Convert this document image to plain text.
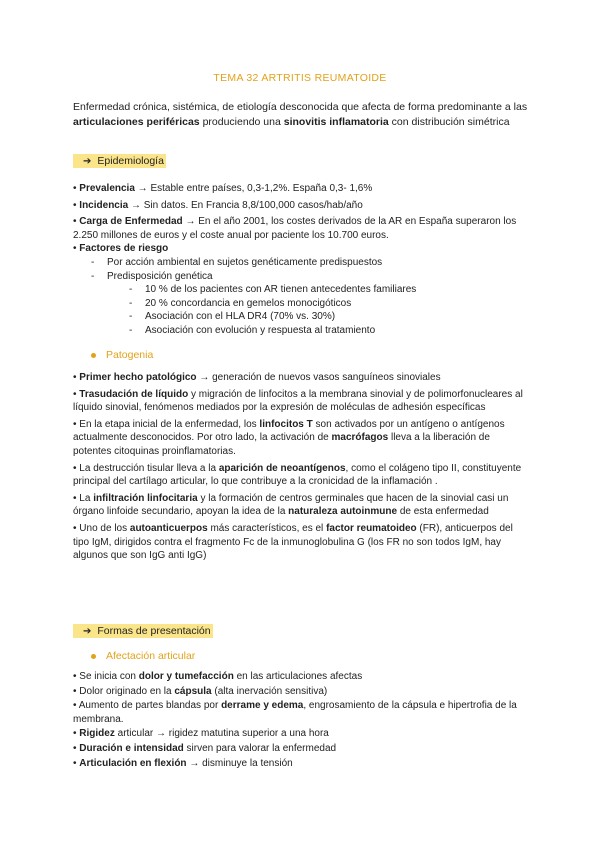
TEMA 32 ARTRITIS REUMATOIDE
Enfermedad crónica, sistémica, de etiología desconocida que afecta de forma predominante a las articulaciones periféricas produciendo una sinovitis inflamatoria con distribución simétrica
➔ Epidemiología
• Prevalencia → Estable entre países, 0,3-1,2%. España 0,3- 1,6%
• Incidencia → Sin datos. En Francia 8,8/100,000 casos/hab/año
• Carga de Enfermedad → En el año 2001, los costes derivados de la AR en España superaron los 2.250 millones de euros y el coste anual por paciente los 10.700 euros.
• Factores de riesgo
- Por acción ambiental en sujetos genéticamente predispuestos
- Predisposición genética
- 10 % de los pacientes con AR tienen antecedentes familiares
- 20 % concordancia en gemelos monocigóticos
- Asociación con el HLA DR4 (70% vs. 30%)
- Asociación con evolución y respuesta al tratamiento
Patogenia
• Primer hecho patológico → generación de nuevos vasos sanguíneos sinoviales
• Trasudación de líquido y migración de linfocitos a la membrana sinovial y de polimorfonucleares al líquido sinovial, fenómenos mediados por la expresión de moléculas de adhesión específicas
• En la etapa inicial de la enfermedad, los linfocitos T son activados por un antígeno o antígenos actualmente desconocidos. Por otro lado, la activación de macrófagos lleva a la liberación de potentes citoquinas proinflamatorias.
• La destrucción tisular lleva a la aparición de neoantígenos, como el colágeno tipo II, constituyente principal del cartílago articular, lo que contribuye a la cronicidad de la inflamación .
• La infiltración linfocitaria y la formación de centros germinales que hacen de la sinovial casi un órgano linfoide secundario, apoyan la idea de la naturaleza autoinmune de esta enfermedad
• Uno de los autoanticuerpos más característicos, es el factor reumatoideo (FR), anticuerpos del tipo IgM, dirigidos contra el fragmento Fc de la inmunoglobulina G (los FR no son todos IgM, hay algunos que son IgG anti IgG)
➔ Formas de presentación
Afectación articular
• Se inicia con dolor y tumefacción en las articulaciones afectas
• Dolor originado en la cápsula (alta inervación sensitiva)
• Aumento de partes blandas por derrame y edema, engrosamiento de la cápsula e hipertrofia de la membrana.
• Rigidez articular → rigidez matutina superior a una hora
• Duración e intensidad sirven para valorar la enfermedad
• Articulación en flexión → disminuye la tensión
